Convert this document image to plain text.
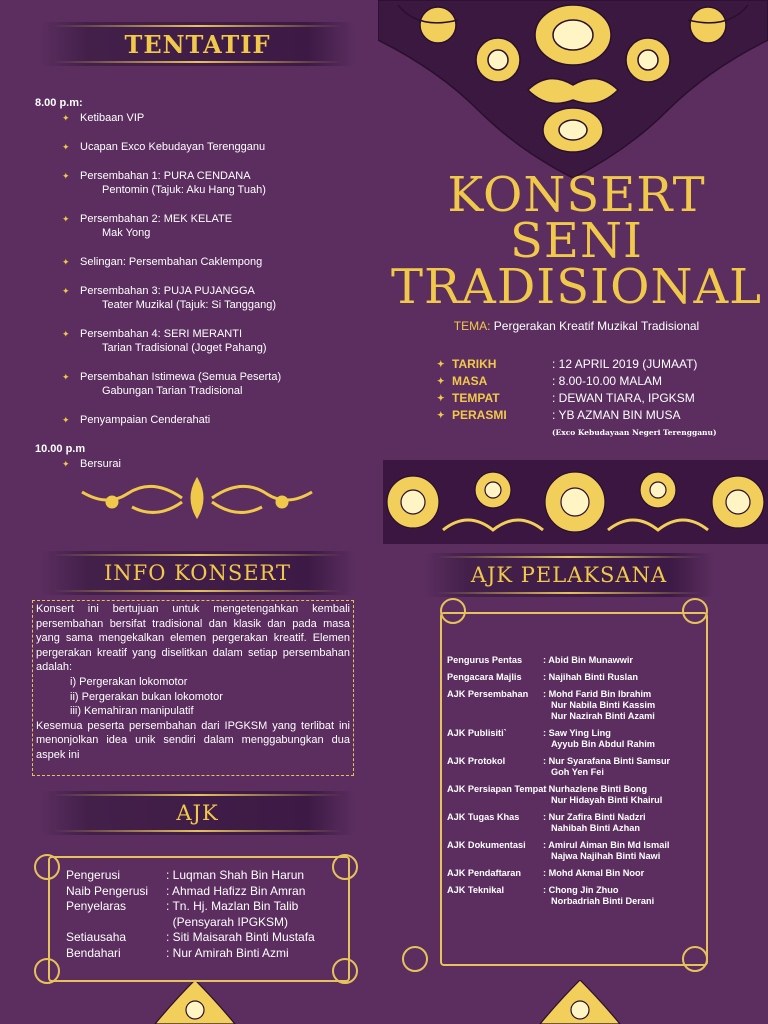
TENTATIF
8.00 p.m:
✦ Ketibaan VIP
✦ Ucapan Exco Kebudayan Terengganu
✦ Persembahan 1: PURA CENDANA
Pentomin (Tajuk: Aku Hang Tuah)
✦ Persembahan 2: MEK KELATE
Mak Yong
✦ Selingan: Persembahan Caklempong
✦ Persembahan 3: PUJA PUJANGGA
Teater Muzikal (Tajuk: Si Tanggang)
✦ Persembahan 4: SERI MERANTI
Tarian Tradisional (Joget Pahang)
✦ Persembahan Istimewa (Semua Peserta)
Gabungan Tarian Tradisional
✦ Penyampaian Cenderahati
10.00 p.m
✦ Bersurai
INFO KONSERT
Konsert ini bertujuan untuk mengetengahkan kembali persembahan bersifat tradisional dan klasik dan pada masa yang sama mengekalkan elemen pergerakan kreatif. Elemen pergerakan kreatif yang diselitkan dalam setiap persembahan adalah:
i) Pergerakan lokomotor
ii) Pergerakan bukan lokomotor
iii) Kemahiran manipulatif
Kesemua peserta persembahan dari IPGKSM yang terlibat ini menonjolkan idea unik sendiri dalam menggabungkan dua aspek ini
AJK
Pengerusi	: Luqman Shah Bin Harun
Naib Pengerusi	: Ahmad Hafizz Bin Amran
Penyelaras	: Tn. Hj. Mazlan Bin Talib
(Pensyarah IPGKSM)
Setiausaha	: Siti Maisarah Binti Mustafa
Bendahari	: Nur Amirah Binti Azmi
KONSERT
SENI
TRADISIONAL
TEMA: Pergerakan Kreatif Muzikal Tradisional
✦ TARIKH	: 12 APRIL 2019 (JUMAAT)
✦ MASA	: 8.00-10.00 MALAM
✦ TEMPAT	: DEWAN TIARA, IPGKSM
✦ PERASMI	: YB AZMAN BIN MUSA
(Exco Kebudayaan Negeri Terengganu)
AJK PELAKSANA
Pengurus Pentas	: Abid Bin Munawwir
Pengacara Majlis	: Najihah Binti Ruslan
AJK Persembahan	: Mohd Farid Bin Ibrahim
Nur Nabila Binti Kassim
Nur Nazirah Binti Azami
AJK Publisiti`	: Saw Ying Ling
Ayyub Bin Abdul Rahim
AJK Protokol	: Nur Syarafana Binti Samsur
Goh Yen Fei
AJK Persiapan Tempat
: Nurhazlene Binti Bong
Nur Hidayah Binti Khairul
AJK Tugas Khas	: Nur Zafira Binti Nadzri
Nahibah Binti Azhan
AJK Dokumentasi	: Amirul Aiman Bin Md Ismail
Najwa Najihah Binti Nawi
AJK Pendaftaran	: Mohd Akmal Bin Noor
AJK Teknikal	: Chong Jin Zhuo
Norbadriah Binti Derani
